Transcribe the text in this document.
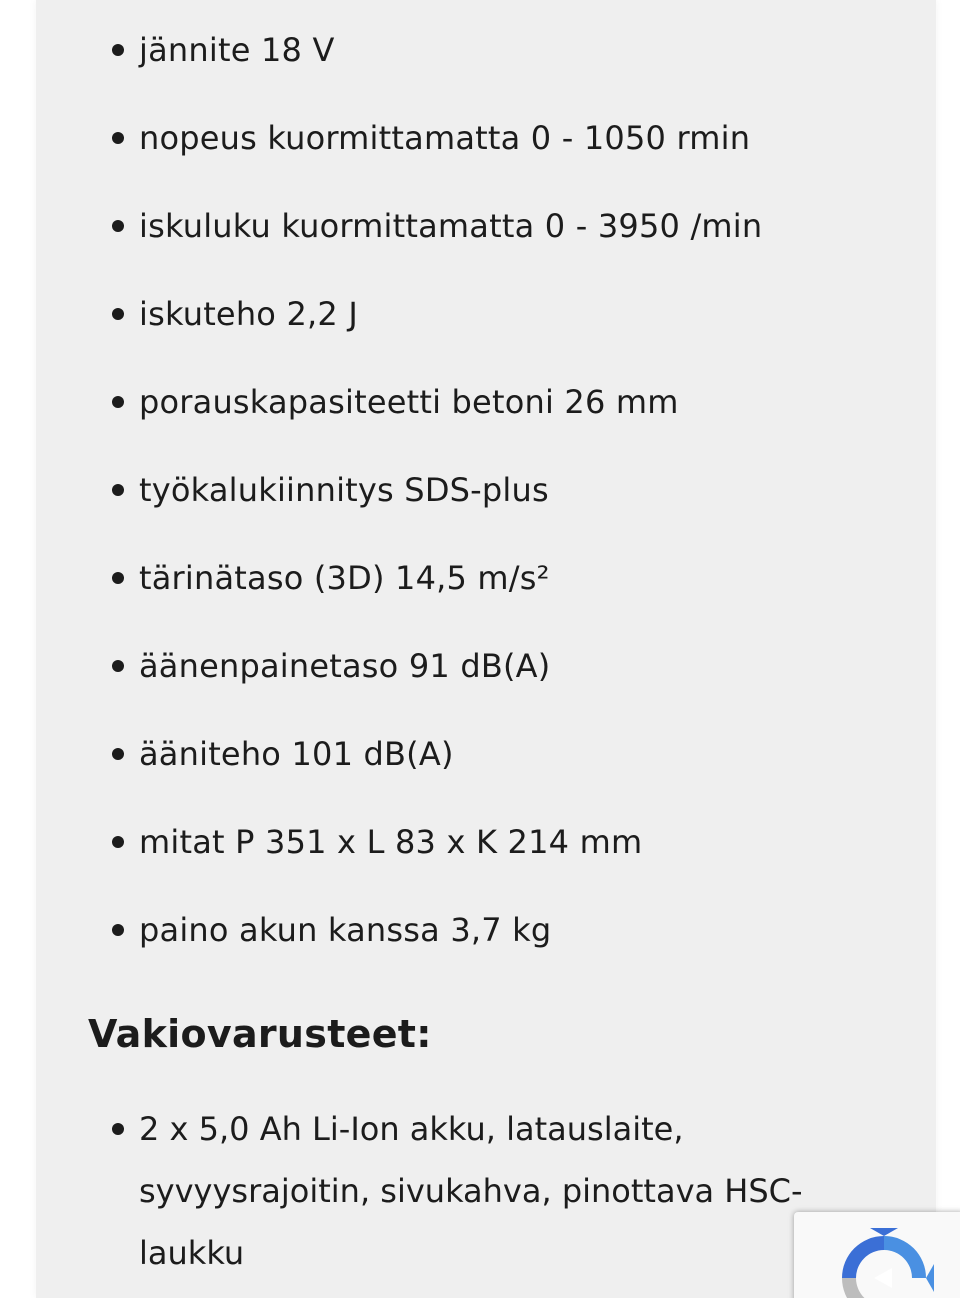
jännite 18 V
nopeus kuormittamatta 0 - 1050 rmin
iskuluku kuormittamatta 0 - 3950 /min
iskuteho 2,2 J
porauskapasiteetti betoni 26 mm
työkalukiinnitys SDS-plus
tärinätaso (3D) 14,5 m/s²
äänenpainetaso 91 dB(A)
ääniteho 101 dB(A)
mitat P 351 x L 83 x K 214 mm
paino akun kanssa 3,7 kg
Vakiovarusteet:
2 x 5,0 Ah Li-Ion akku, latauslaite, syvyysrajoitin, sivukahva, pinottava HSC-laukku
